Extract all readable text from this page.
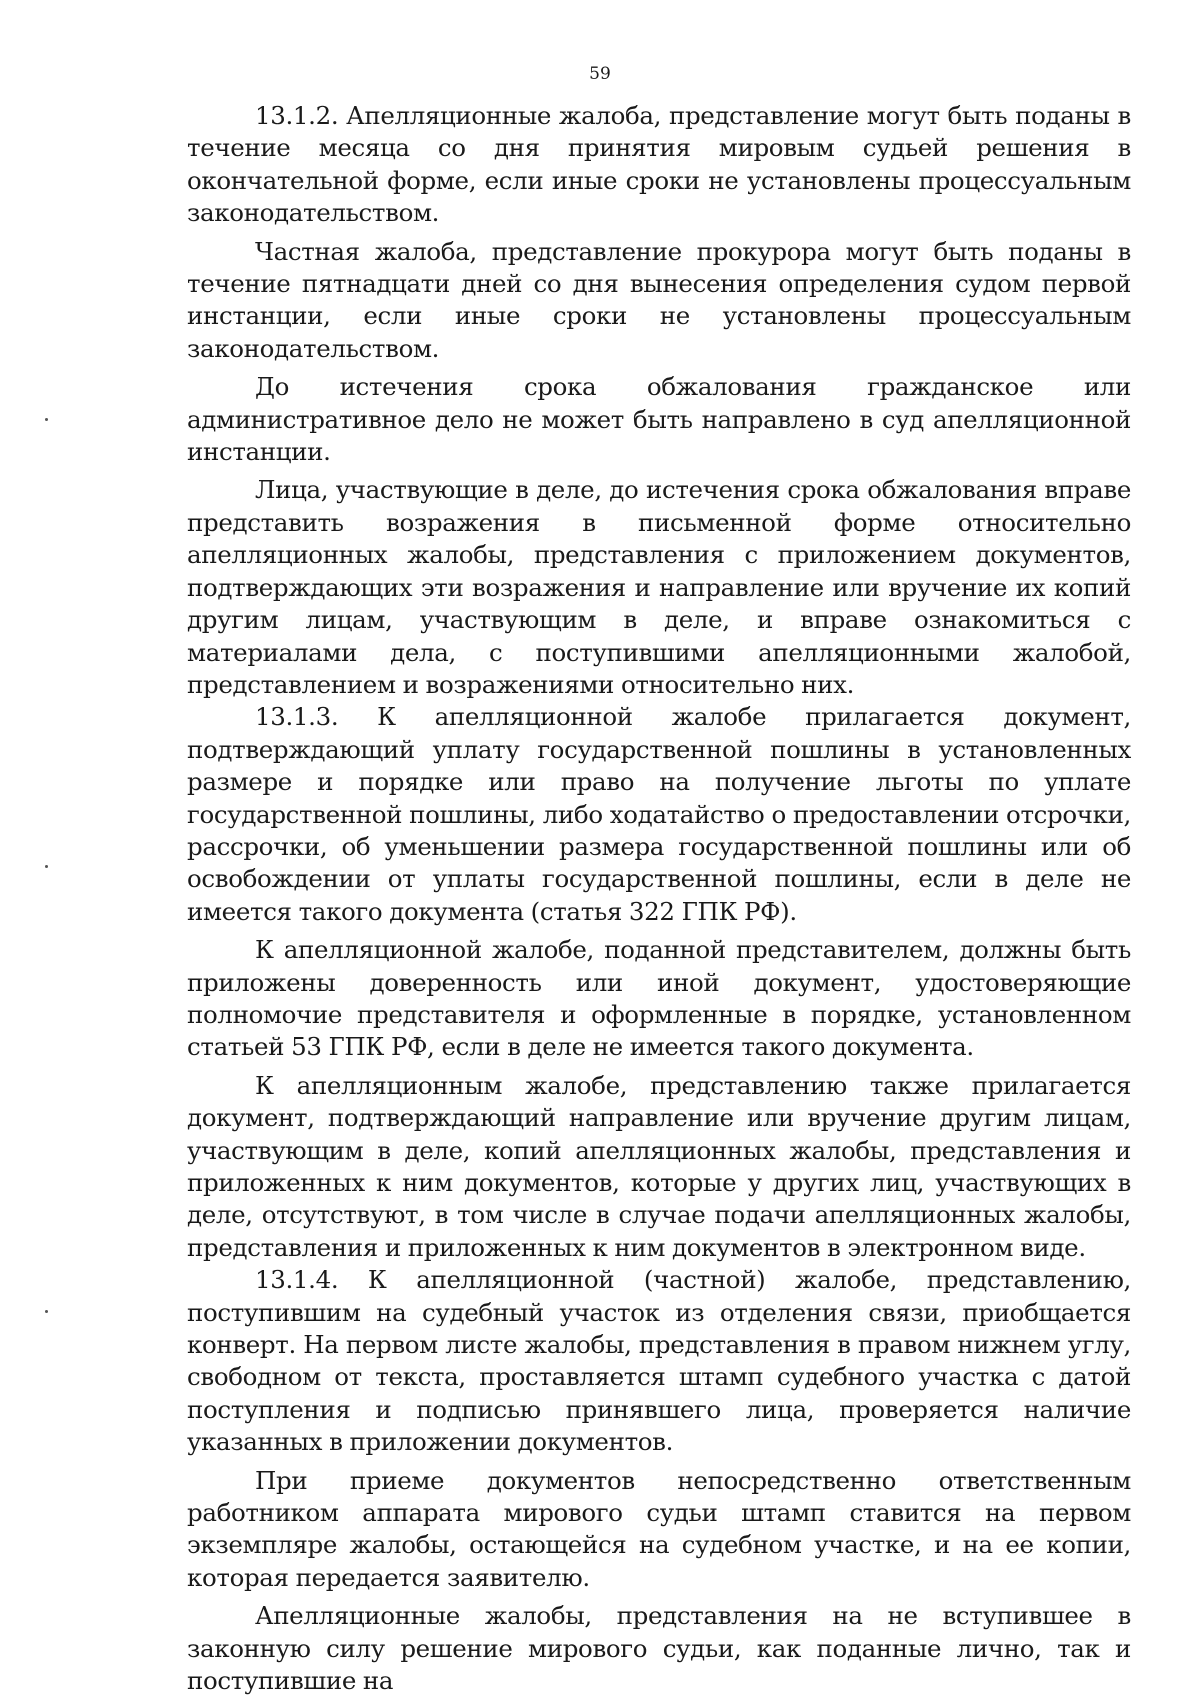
59

13.1.2. Апелляционные жалоба, представление могут быть поданы в течение месяца со дня принятия мировым судьей решения в окончательной форме, если иные сроки не установлены процессуальным законодательством.

Частная жалоба, представление прокурора могут быть поданы в течение пятнадцати дней со дня вынесения определения судом первой инстанции, если иные сроки не установлены процессуальным законодательством.

До истечения срока обжалования гражданское или административное дело не может быть направлено в суд апелляционной инстанции.

Лица, участвующие в деле, до истечения срока обжалования вправе представить возражения в письменной форме относительно апелляционных жалобы, представления с приложением документов, подтверждающих эти возражения и направление или вручение их копий другим лицам, участвующим в деле, и вправе ознакомиться с материалами дела, с поступившими апелляционными жалобой, представлением и возражениями относительно них.

13.1.3. К апелляционной жалобе прилагается документ, подтверждающий уплату государственной пошлины в установленных размере и порядке или право на получение льготы по уплате государственной пошлины, либо ходатайство о предоставлении отсрочки, рассрочки, об уменьшении размера государственной пошлины или об освобождении от уплаты государственной пошлины, если в деле не имеется такого документа (статья 322 ГПК РФ).

К апелляционной жалобе, поданной представителем, должны быть приложены доверенность или иной документ, удостоверяющие полномочие представителя и оформленные в порядке, установленном статьей 53 ГПК РФ, если в деле не имеется такого документа.

К апелляционным жалобе, представлению также прилагается документ, подтверждающий направление или вручение другим лицам, участвующим в деле, копий апелляционных жалобы, представления и приложенных к ним документов, которые у других лиц, участвующих в деле, отсутствуют, в том числе в случае подачи апелляционных жалобы, представления и приложенных к ним документов в электронном виде.

13.1.4. К апелляционной (частной) жалобе, представлению, поступившим на судебный участок из отделения связи, приобщается конверт. На первом листе жалобы, представления в правом нижнем углу, свободном от текста, проставляется штамп судебного участка с датой поступления и подписью принявшего лица, проверяется наличие указанных в приложении документов.

При приеме документов непосредственно ответственным работником аппарата мирового судьи штамп ставится на первом экземпляре жалобы, остающейся на судебном участке, и на ее копии, которая передается заявителю.

Апелляционные жалобы, представления на не вступившее в законную силу решение мирового судьи, как поданные лично, так и поступившие на
